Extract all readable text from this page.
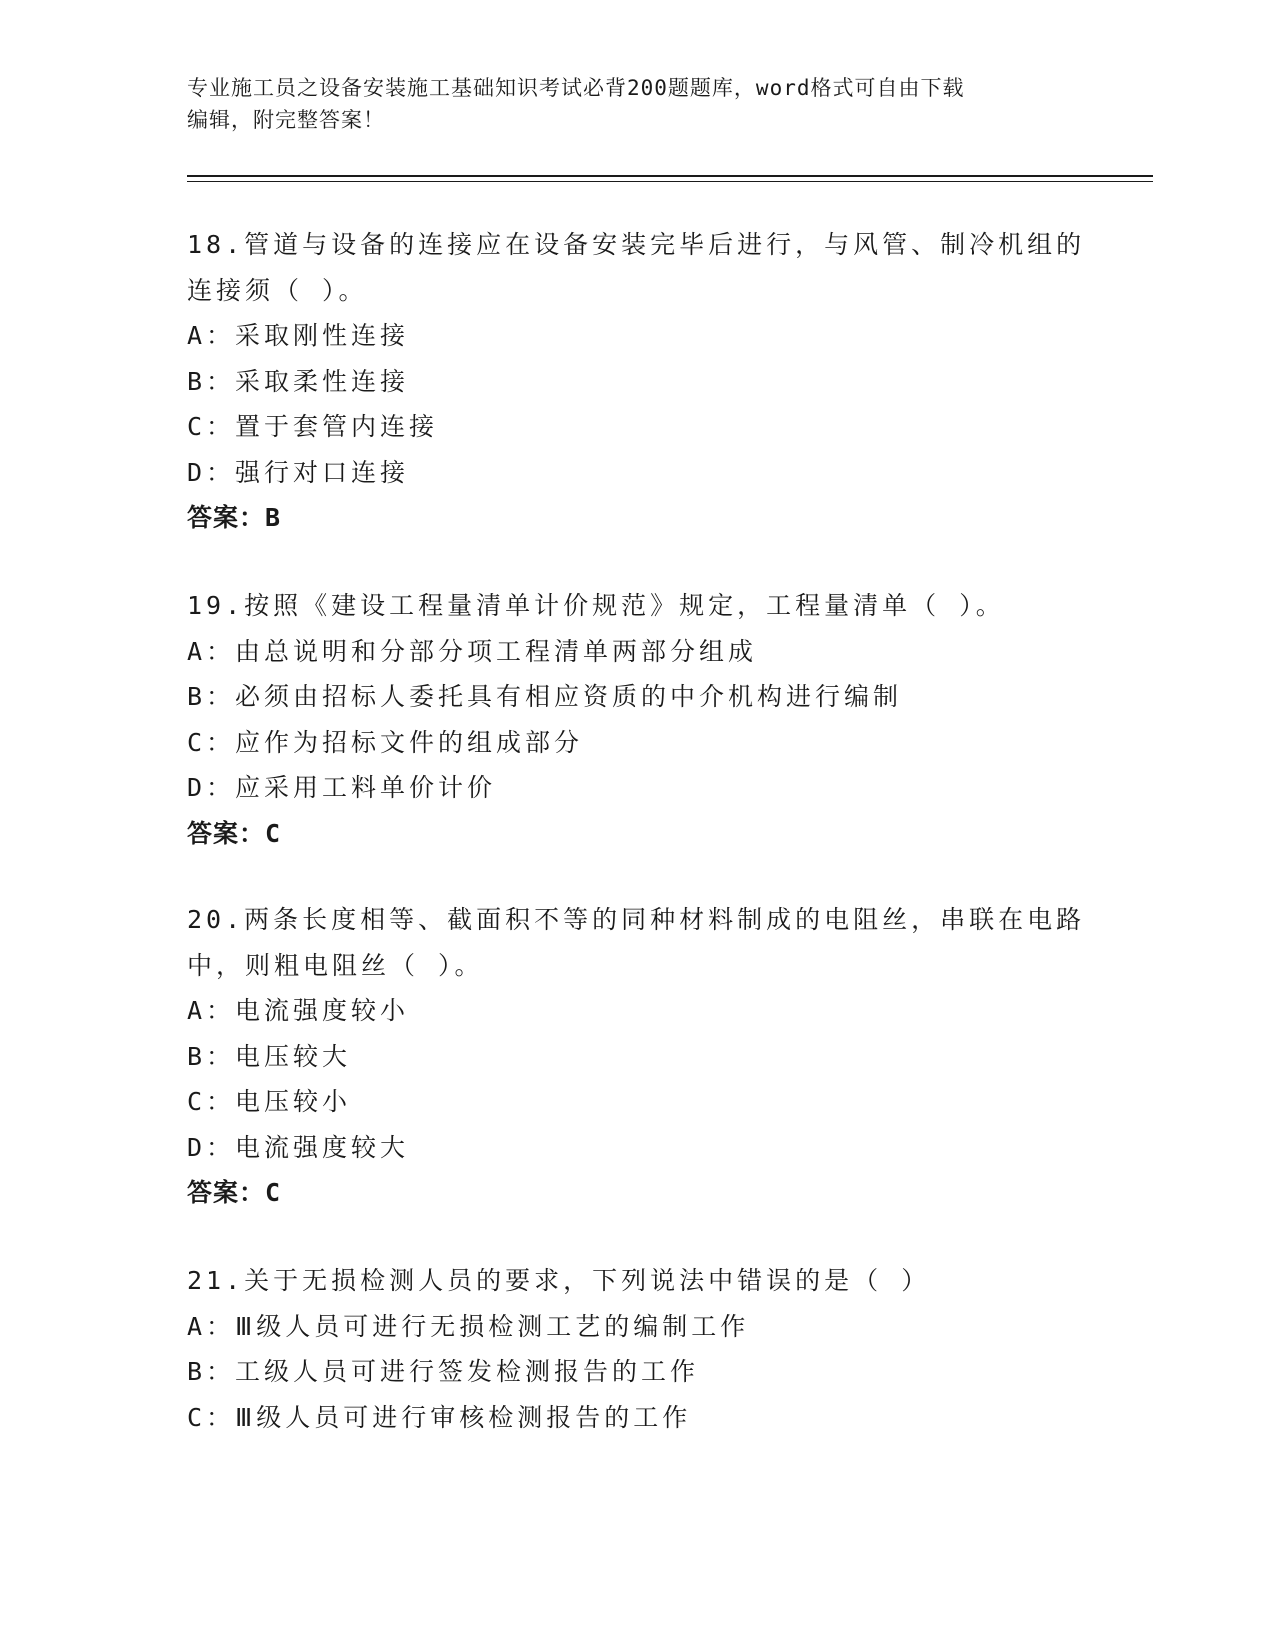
专业施工员之设备安装施工基础知识考试必背200题题库，word格式可自由下载
编辑，附完整答案！
18.管道与设备的连接应在设备安装完毕后进行，与风管、制冷机组的
连接须（ ）。
A：采取刚性连接
B：采取柔性连接
C：置于套管内连接
D：强行对口连接
答案：B
19.按照《建设工程量清单计价规范》规定，工程量清单（ ）。
A：由总说明和分部分项工程清单两部分组成
B：必须由招标人委托具有相应资质的中介机构进行编制
C：应作为招标文件的组成部分
D：应采用工料单价计价
答案：C
20.两条长度相等、截面积不等的同种材料制成的电阻丝，串联在电路
中，则粗电阻丝（ ）。
A：电流强度较小
B：电压较大
C：电压较小
D：电流强度较大
答案：C
21.关于无损检测人员的要求，下列说法中错误的是（ ）
A：Ⅲ级人员可进行无损检测工艺的编制工作
B：工级人员可进行签发检测报告的工作
C：Ⅲ级人员可进行审核检测报告的工作
